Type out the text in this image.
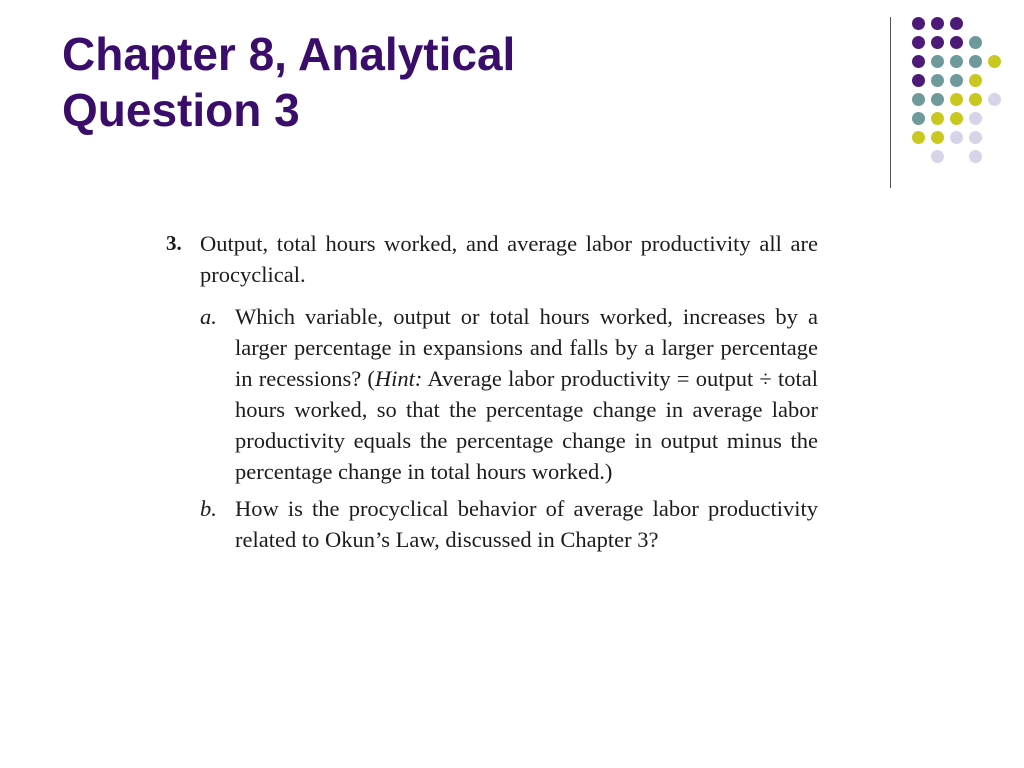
Chapter 8, Analytical
Question 3
3. Output, total hours worked, and average labor productivity all are procyclical.
a. Which variable, output or total hours worked, increases by a larger percentage in expansions and falls by a larger percentage in recessions? (Hint: Average labor productivity = output ÷ total hours worked, so that the percentage change in average labor productivity equals the percentage change in output minus the percentage change in total hours worked.)
b. How is the procyclical behavior of average labor productivity related to Okun’s Law, discussed in Chapter 3?
